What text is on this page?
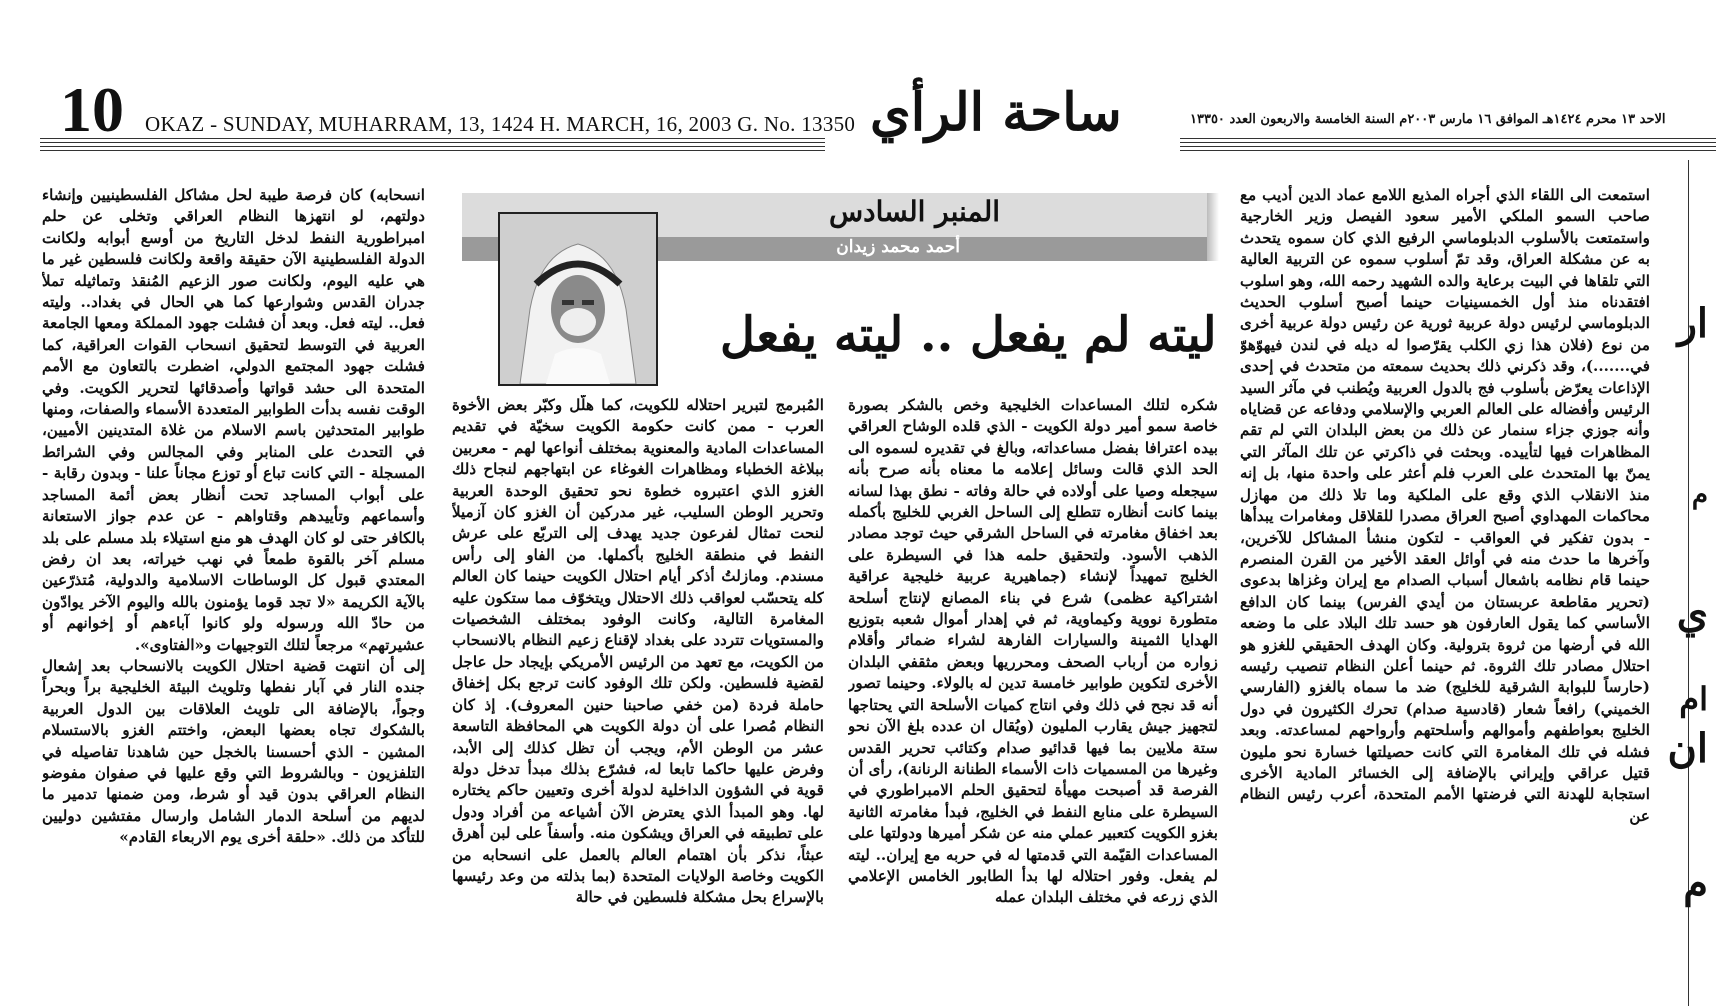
10 OKAZ - SUNDAY, MUHARRAM, 13, 1424 H. MARCH, 16, 2003 G. No. 13350 ساحة الرأي	الاحد ١٣ محرم ١٤٢٤هـ الموافق ١٦ مارس ٢٠٠٣م السنة الخامسة والاربعون العدد ١٣٣٥٠
المنبر السادس
أحمد محمد زيدان
ليته لم يفعل .. ليته يفعل

استمعت الى اللقاء الذي أجراه المذيع اللامع عماد الدين أديب مع صاحب السمو الملكي الأمير سعود الفيصل وزير الخارجية واستمتعت بالأسلوب الدبلوماسي الرفيع الذي كان سموه يتحدث به عن مشكلة العراق، وقد تمّ أسلوب سموه عن التربية العالية التي تلقاها في البيت برعاية والده الشهيد رحمه الله، وهو اسلوب افتقدناه منذ أول الخمسينيات حينما أصبح أسلوب الحديث الدبلوماسي لرئيس دولة عربية ثورية عن رئيس دولة عربية أخرى من نوع (فلان هذا زي الكلب يقرّصوا له ديله في لندن فيهوّهوّ في.......)، وقد ذكرني ذلك بحديث سمعته من متحدث في إحدى الإذاعات يعرّض بأسلوب فج بالدول العربية ويُطنب في مآثر السيد الرئيس وأفضاله على العالم العربي والإسلامي ودفاعه عن قضاياه وأنه جوزي جزاء سنمار عن ذلك من بعض البلدان التي لم تقم المظاهرات فيها لتأييده. وبحثت في ذاكرتي عن تلك المآثر التي يمنّ بها المتحدث على العرب فلم أعثر على واحدة منها، بل إنه منذ الانقلاب الذي وقع على الملكية وما تلا ذلك من مهازل محاكمات المهداوي أصبح العراق مصدرا للقلاقل ومغامرات يبدأها - بدون تفكير في العواقب - لتكون منشأ المشاكل للآخرين، وآخرها ما حدث منه في أوائل العقد الأخير من القرن المنصرم حينما قام نظامه باشعال أسباب الصدام مع إيران وغزاها بدعوى (تحرير مقاطعة عربستان من أيدي الفرس) بينما كان الدافع الأساسي كما يقول العارفون هو حسد تلك البلاد على ما وضعه الله في أرضها من ثروة بترولية. وكان الهدف الحقيقي للغزو هو احتلال مصادر تلك الثروة. ثم حينما أعلن النظام تنصيب رئيسه (حارساً للبوابة الشرقية للخليج) ضد ما سماه بالغزو (الفارسي الخميني) رافعاً شعار (قادسية صدام) تحرك الكثيرون في دول الخليج بعواطفهم وأموالهم وأسلحتهم وأرواحهم لمساعدته. وبعد فشله في تلك المغامرة التي كانت حصيلتها خسارة نحو مليون قتيل عراقي وإيراني بالإضافة إلى الخسائر المادية الأخرى استجابة للهدنة التي فرضتها الأمم المتحدة، أعرب رئيس النظام عن

شكره لتلك المساعدات الخليجية وخص بالشكر بصورة خاصة سمو أمير دولة الكويت - الذي قلده الوشاح العراقي بيده اعترافا بفضل مساعداته، وبالغ في تقديره لسموه الى الحد الذي قالت وسائل إعلامه ما معناه بأنه صرح بأنه سيجعله وصيا على أولاده في حالة وفاته - نطق بهذا لسانه بينما كانت أنظاره تتطلع إلى الساحل الغربي للخليج بأكمله بعد اخفاق مغامرته في الساحل الشرقي حيث توجد مصادر الذهب الأسود. ولتحقيق حلمه هذا في السيطرة على الخليج تمهيداً لإنشاء (جماهيرية عربية خليجية عراقية اشتراكية عظمى) شرع في بناء المصانع لإنتاج أسلحة متطورة نووية وكيماوية، ثم في إهدار أموال شعبه بتوزيع الهدايا الثمينة والسيارات الفارهة لشراء ضمائر وأقلام زواره من أرباب الصحف ومحرريها وبعض مثقفي البلدان الأخرى لتكوين طوابير خامسة تدين له بالولاء. وحينما تصور أنه قد نجح في ذلك وفي انتاج كميات الأسلحة التي يحتاجها لتجهيز جيش يقارب المليون (ويُقال ان عدده بلغ الآن نحو ستة ملايين بما فيها قدائيو صدام وكتائب تحرير القدس وغيرها من المسميات ذات الأسماء الطنانة الرنانة)، رأى أن الفرصة قد أصبحت مهيأة لتحقيق الحلم الامبراطوري في السيطرة على منابع النفط في الخليج، فبدأ مغامرته الثانية بغزو الكويت كتعبير عملي منه عن شكر أميرها ودولتها على المساعدات القيّمة التي قدمتها له في حربه مع إيران.. ليته لم يفعل. وفور احتلاله لها بدأ الطابور الخامس الإعلامي الذي زرعه في مختلف البلدان عمله

المُبرمج لتبرير احتلاله للكويت، كما هلّل وكبّر بعض الأخوة العرب - ممن كانت حكومة الكويت سخيّة في تقديم المساعدات المادية والمعنوية بمختلف أنواعها لهم - معربين ببلاغة الخطباء ومظاهرات الغوغاء عن ابتهاجهم لنجاح ذلك الغزو الذي اعتبروه خطوة نحو تحقيق الوحدة العربية وتحرير الوطن السليب، غير مدركين أن الغزو كان آزميلاً لنحت تمثال لفرعون جديد يهدف إلى التربّع على عرش النفط في منطقة الخليج بأكملها. من الفاو إلى رأس مسندم. ومازلتُ أذكر أيام احتلال الكويت حينما كان العالم كله يتحسّب لعواقب ذلك الاحتلال ويتخوّف مما ستكون عليه المغامرة التالية، وكانت الوفود بمختلف الشخصيات والمستويات تتردد على بغداد لإقناع زعيم النظام بالانسحاب من الكويت، مع تعهد من الرئيس الأمريكي بإيجاد حل عاجل لقضية فلسطين. ولكن تلك الوفود كانت ترجع بكل إخفاق حاملة فردة (من خفي صاحبنا حنين المعروف). إذ كان النظام مُصرا على أن دولة الكويت هي المحافظة التاسعة عشر من الوطن الأم، ويجب أن تظل كذلك إلى الأبد، وفرض عليها حاكما تابعا له، فشرّع بذلك مبدأ تدخل دولة قوية في الشؤون الداخلية لدولة أخرى وتعيين حاكم يختاره لها. وهو المبدأ الذي يعترض الآن أشياعه من أفراد ودول على تطبيقه في العراق ويشكون منه. وأسفاً على لبن أهرق عبثاً، نذكر بأن اهتمام العالم بالعمل على انسحابه من الكويت وخاصة الولايات المتحدة (بما بذلته من وعد رئيسها بالإسراع بحل مشكلة فلسطين في حالة

انسحابه) كان فرصة طيبة لحل مشاكل الفلسطينيين وإنشاء دولتهم، لو انتهزها النظام العراقي وتخلى عن حلم امبراطورية النفط لدخل التاريخ من أوسع أبوابه ولكانت الدولة الفلسطينية الآن حقيقة واقعة ولكانت فلسطين غير ما هي عليه اليوم، ولكانت صور الزعيم المُنقذ وتماثيله تملأ جدران القدس وشوارعها كما هي الحال في بغداد.. وليته فعل.. ليته فعل. وبعد أن فشلت جهود المملكة ومعها الجامعة العربية في التوسط لتحقيق انسحاب القوات العراقية، كما فشلت جهود المجتمع الدولي، اضطرت بالتعاون مع الأمم المتحدة الى حشد قواتها وأصدقائها لتحرير الكويت. وفي الوقت نفسه بدأت الطوابير المتعددة الأسماء والصفات، ومنها طوابير المتحدثين باسم الاسلام من غلاة المتدينين الأميين، في التحدث على المنابر وفي المجالس وفي الشرائط المسجلة - التي كانت تباع أو توزع مجاناً علنا - وبدون رقابة - على أبواب المساجد تحت أنظار بعض أئمة المساجد وأسماعهم وتأييدهم وقتاواهم - عن عدم جواز الاستعانة بالكافر حتى لو كان الهدف هو منع استيلاء بلد مسلم على بلد مسلم آخر بالقوة طمعاً في نهب خيراته، بعد ان رفض المعتدي قبول كل الوساطات الاسلامية والدولية، مُتذرّعين بالآية الكريمة «لا تجد قوما يؤمنون بالله واليوم الآخر يوادّون من حادّ الله ورسوله ولو كانوا آباءهم أو إخوانهم أو عشيرتهم» مرجعاً لتلك التوجيهات و«الفتاوى».

إلى أن انتهت قضية احتلال الكويت بالانسحاب بعد إشعال جنده النار في آبار نفطها وتلويث البيئة الخليجية براً وبحراً وجواً، بالإضافة الى تلويث العلاقات بين الدول العربية بالشكوك تجاه بعضها البعض، واختتم الغزو بالاستسلام المشين - الذي أحسسنا بالخجل حين شاهدنا تفاصيله في التلفزيون - وبالشروط التي وقع عليها في صفوان مفوضو النظام العراقي بدون قيد أو شرط، ومن ضمنها تدمير ما لديهم من أسلحة الدمار الشامل وارسال مفتشين دوليين للتأكد من ذلك. «حلقة أخرى يوم الاربعاء القادم»

ار
م
ي
ام
ان
م
